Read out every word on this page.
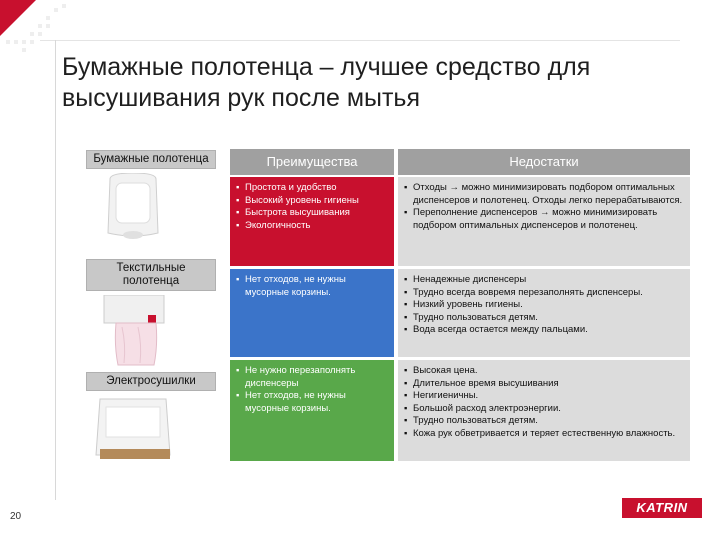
Бумажные полотенца – лучшее средство для высушивания рук после мытья
Бумажные полотенца
Текстильные полотенца
Электросушилки
Преимущества	Недостатки
▪ Простота и удобство
▪ Высокий уровень гигиены
▪ Быстрота высушивания
▪ Экологичность
▪ Отходы → можно минимизировать подбором оптимальных диспенсеров и полотенец. Отходы легко перерабатываются.
▪ Переполнение диспенсеров → можно минимизировать подбором оптимальных диспенсеров и полотенец.
▪ Нет отходов, не нужны мусорные корзины.
▪ Ненадежные диспенсеры
▪ Трудно всегда вовремя перезаполнять диспенсеры.
▪ Низкий уровень гигиены.
▪ Трудно пользоваться детям.
▪ Вода всегда остается между пальцами.
▪ Не нужно перезаполнять диспенсеры
▪ Нет отходов, не нужны мусорные корзины.
▪ Высокая цена.
▪ Длительное время высушивания
▪ Негигиеничны.
▪ Большой расход электроэнергии.
▪ Трудно пользоваться детям.
▪ Кожа рук обветривается и теряет естественную влажность.
20
KATRIN
